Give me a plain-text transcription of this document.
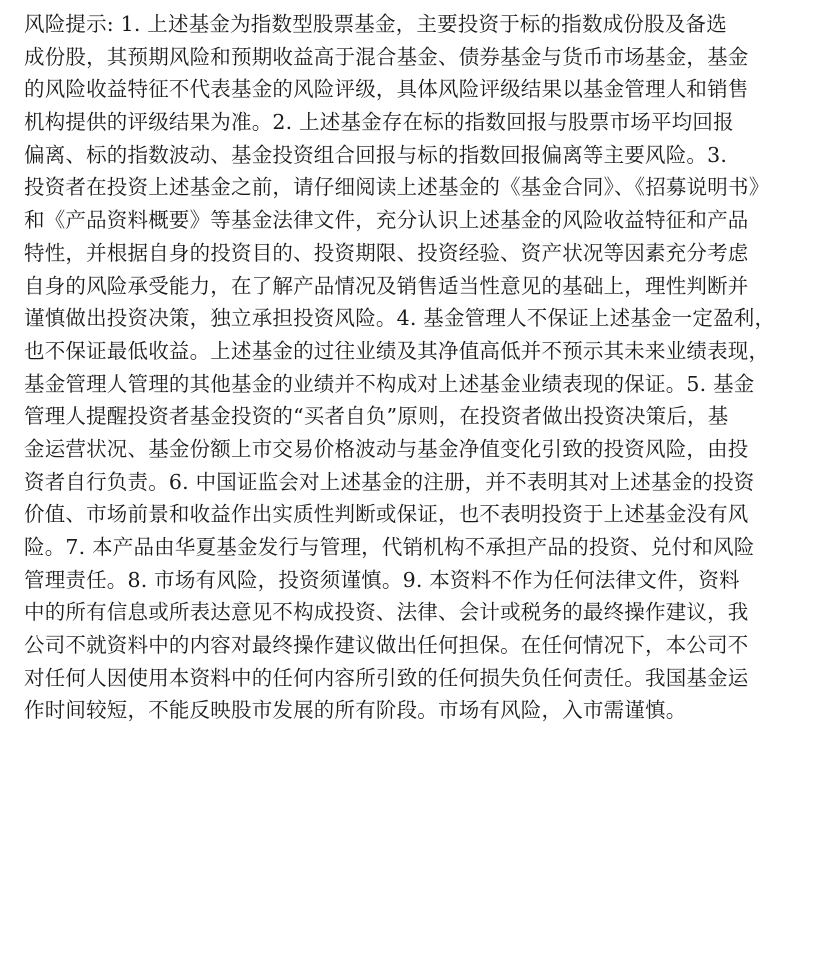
风险提示: 1. 上述基金为指数型股票基金，主要投资于标的指数成份股及备选
成份股，其预期风险和预期收益高于混合基金、债券基金与货币市场基金，基金
的风险收益特征不代表基金的风险评级，具体风险评级结果以基金管理人和销售
机构提供的评级结果为准。2. 上述基金存在标的指数回报与股票市场平均回报
偏离、标的指数波动、基金投资组合回报与标的指数回报偏离等主要风险。3.
投资者在投资上述基金之前，请仔细阅读上述基金的《基金合同》、《招募说明书》
和《产品资料概要》等基金法律文件，充分认识上述基金的风险收益特征和产品
特性，并根据自身的投资目的、投资期限、投资经验、资产状况等因素充分考虑
自身的风险承受能力，在了解产品情况及销售适当性意见的基础上，理性判断并
谨慎做出投资决策，独立承担投资风险。4. 基金管理人不保证上述基金一定盈利，
也不保证最低收益。上述基金的过往业绩及其净值高低并不预示其未来业绩表现，
基金管理人管理的其他基金的业绩并不构成对上述基金业绩表现的保证。5. 基金
管理人提醒投资者基金投资的“买者自负”原则，在投资者做出投资决策后，基
金运营状况、基金份额上市交易价格波动与基金净值变化引致的投资风险，由投
资者自行负责。6. 中国证监会对上述基金的注册，并不表明其对上述基金的投资
价值、市场前景和收益作出实质性判断或保证，也不表明投资于上述基金没有风
险。7. 本产品由华夏基金发行与管理，代销机构不承担产品的投资、兑付和风险
管理责任。8. 市场有风险，投资须谨慎。9. 本资料不作为任何法律文件，资料
中的所有信息或所表达意见不构成投资、法律、会计或税务的最终操作建议，我
公司不就资料中的内容对最终操作建议做出任何担保。在任何情况下，本公司不
对任何人因使用本资料中的任何内容所引致的任何损失负任何责任。我国基金运
作时间较短，不能反映股市发展的所有阶段。市场有风险，入市需谨慎。
